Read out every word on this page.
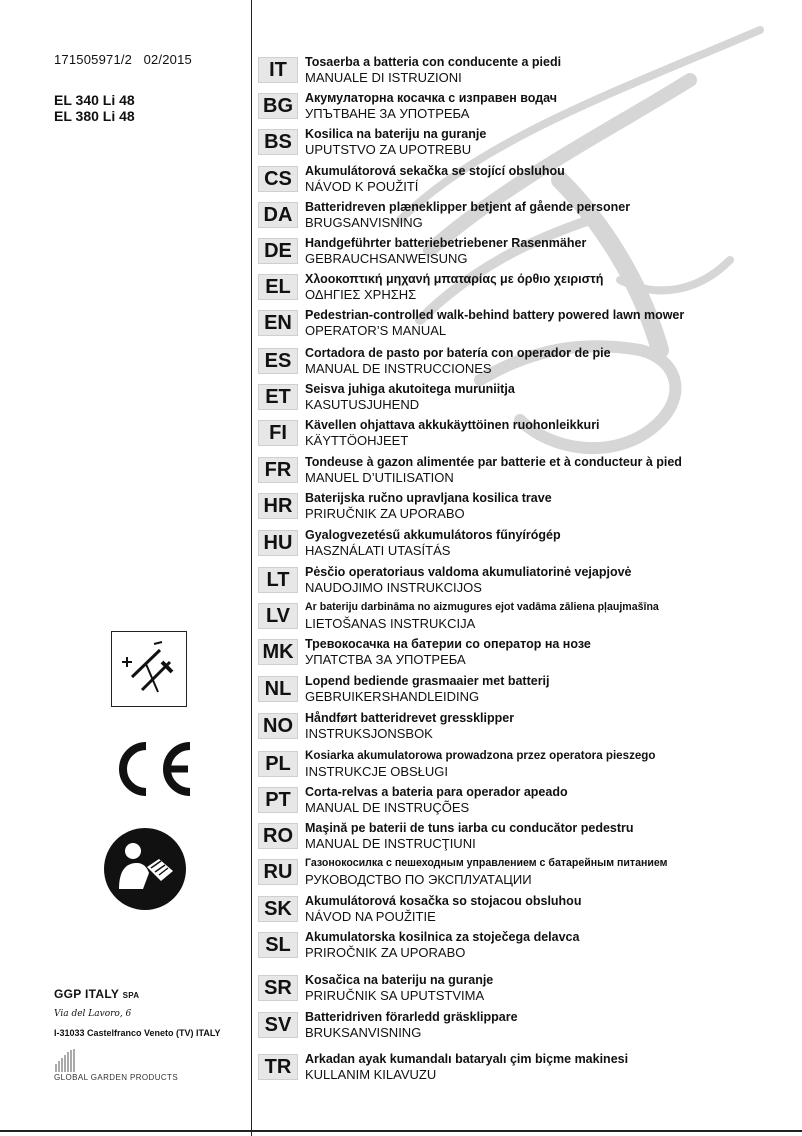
171505971/2 02/2015
EL 340 Li 48
EL 380 Li 48
GGP ITALY SPA
Via del Lavoro, 6
I-31033 Castelfranco Veneto (TV) ITALY
GLOBAL GARDEN PRODUCTS
IT	Tosaerba a batteria con conducente a piedi
MANUALE DI ISTRUZIONI
BG Акумулаторна косачка с изправен водач
УПЪТВАНЕ ЗА УПОТРЕБА
BS	Kosilica na bateriju na guranje
UPUTSTVO ZA UPOTREBU
CS	Akumulátorová sekačka se stojící obsluhou
NÁVOD K POUŽITÍ
DA	Batteridreven plæneklipper betjent af gående personer
BRUGSANVISNING
DE	Handgeführter batteriebetriebener Rasenmäher
GEBRAUCHSANWEISUNG
EL	Χλοοκοπτική μηχανή μπαταρίας με όρθιο χειριστή
ΟΔΗΓΙΕΣ ΧΡΗΣΗΣ
EN	Pedestrian-controlled walk-behind battery powered lawn mower
OPERATOR’S MANUAL
ES	Cortadora de pasto por batería con operador de pie
MANUAL DE INSTRUCCIONES
ET	Seisva juhiga akutoitega muruniitja
KASUTUSJUHEND
FI	Kävellen ohjattava akkukäyttöinen ruohonleikkuri
KÄYTTÖOHJEET
FR	Tondeuse à gazon alimentée par batterie et à conducteur à pied
MANUEL D’UTILISATION
HR	Baterijska ručno upravljana kosilica trave
PRIRUČNIK ZA UPORABO
HU	Gyalogvezetésű akkumulátoros fűnyírógép
HASZNÁLATI UTASÍTÁS
LT	Pėsčio operatoriaus valdoma akumuliatorinė vejapjovė
NAUDOJIMO INSTRUKCIJOS
LV	Ar bateriju darbināma no aizmugures ejot vadāma zāliena pļaujmašīna
LIETOŠANAS INSTRUKCIJA
MK Тревокосачка на батерии со оператор на нозе
УПАТСТВА ЗА УПОТРЕБА
NL	Lopend bediende grasmaaier met batterij
GEBRUIKERSHANDLEIDING
NO Håndført batteridrevet gressklipper
INSTRUKSJONSBOK
PL	Kosiarka akumulatorowa prowadzona przez operatora pieszego
INSTRUKCJE OBSŁUGI
PT	Corta-relvas a bateria para operador apeado
MANUAL DE INSTRUÇÕES
RO Maşină pe baterii de tuns iarba cu conducător pedestru
MANUAL DE INSTRUCŢIUNI
RU	Газонокосилка с пешеходным управлением с батарейным питанием
РУКОВОДСТВО ПО ЭКСПЛУАТАЦИИ
SK	Akumulátorová kosačka so stojacou obsluhou
NÁVOD NA POUŽITIE
SL	Akumulatorska kosilnica za stoječega delavca
PRIROČNIK ZA UPORABO
SR	Kosačica na bateriju na guranje
PRIRUČNIK SA UPUTSTVIMA
SV	Batteridriven förarledd gräsklippare
BRUKSANVISNING
TR	Arkadan ayak kumandalı bataryalı çim biçme makinesi
KULLANIM KILAVUZU
